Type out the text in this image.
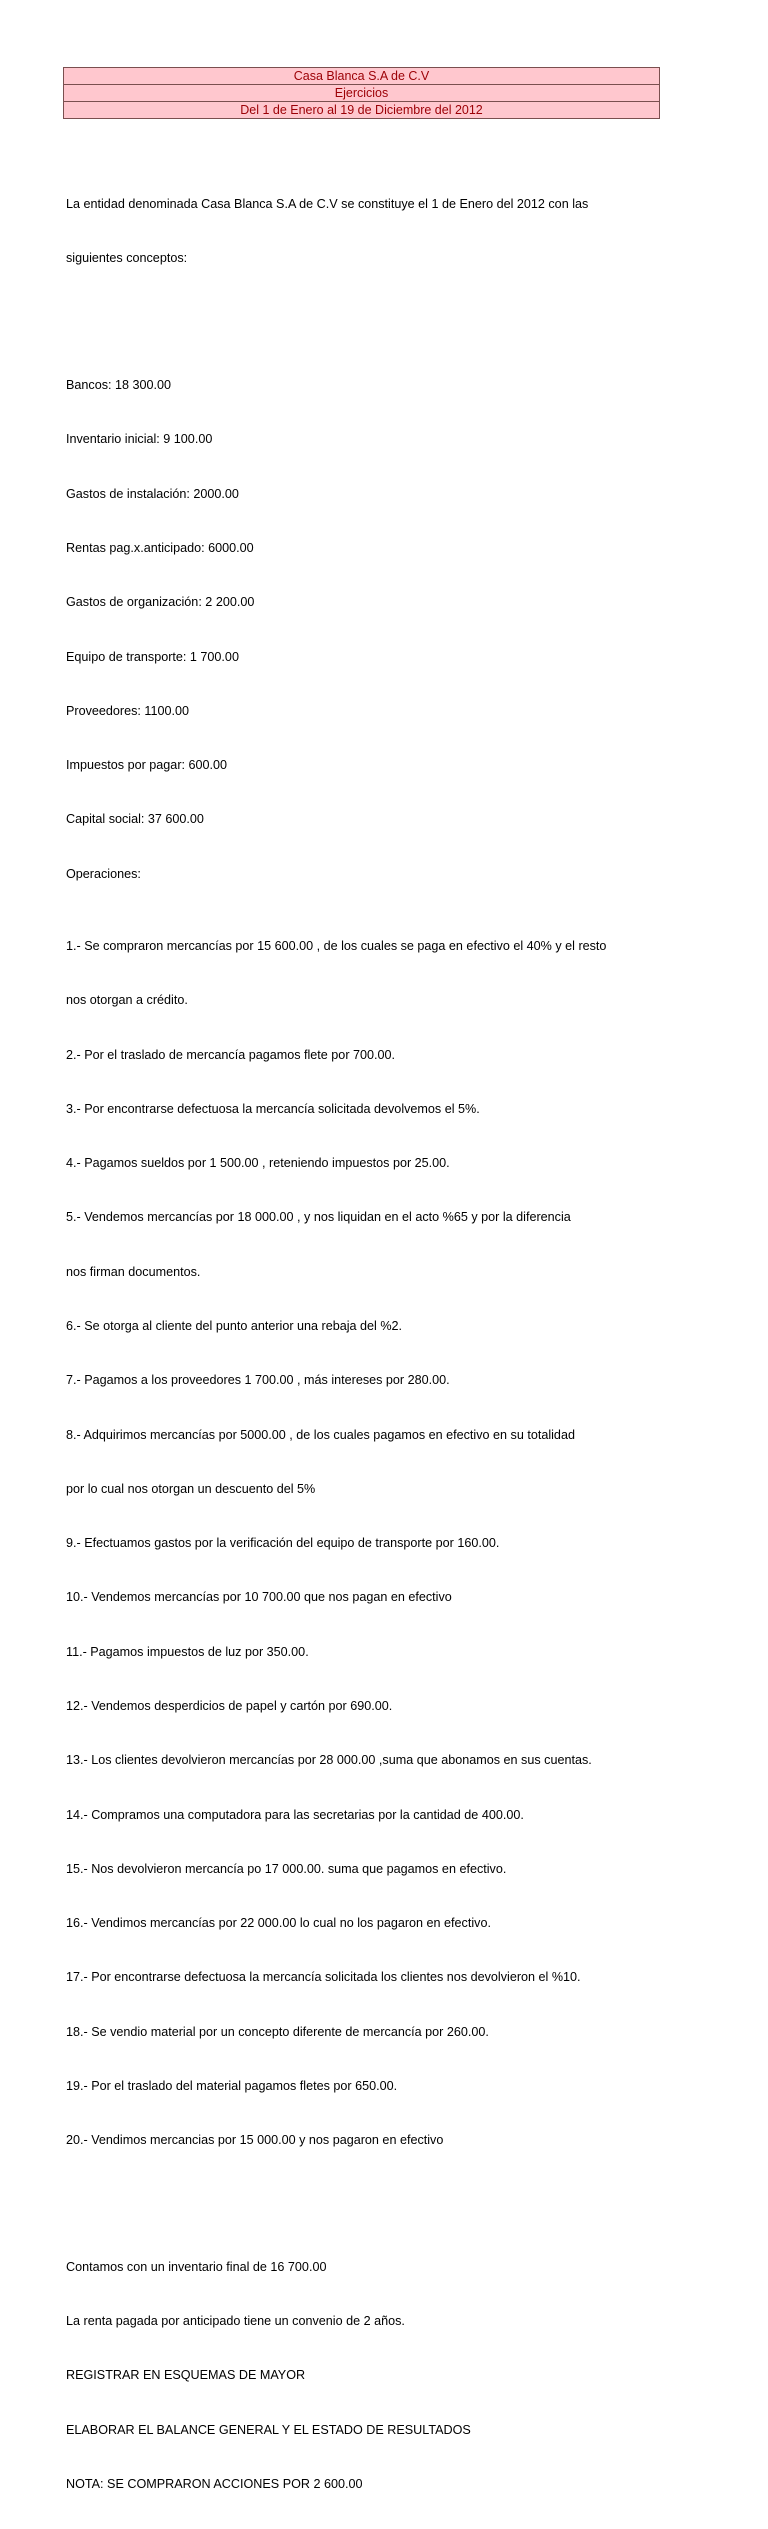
Casa Blanca S.A de C.V
Ejercicios
Del 1 de Enero al 19 de Diciembre del 2012

La entidad denominada Casa Blanca S.A de C.V se constituye el 1 de Enero del 2012 con las

siguientes conceptos:

Bancos: 18 300.00

Inventario inicial: 9 100.00

Gastos de instalación: 2000.00

Rentas pag.x.anticipado: 6000.00

Gastos de organización: 2 200.00

Equipo de transporte: 1 700.00

Proveedores: 1100.00

Impuestos por pagar: 600.00

Capital social: 37 600.00

Operaciones:

1.- Se compraron mercancías por 15 600.00 , de los cuales se paga en efectivo el 40% y el resto

nos otorgan a crédito.

2.- Por el traslado de mercancía pagamos flete por 700.00.

3.- Por encontrarse defectuosa la mercancía solicitada devolvemos el 5%.

4.- Pagamos sueldos por 1 500.00 , reteniendo impuestos por 25.00.

5.- Vendemos mercancías por 18 000.00 , y nos liquidan en el acto %65 y por la diferencia

nos firman documentos.

6.- Se otorga al cliente del punto anterior una rebaja del %2.

7.- Pagamos a los proveedores 1 700.00 , más intereses por 280.00.

8.- Adquirimos mercancías por 5000.00 , de los cuales pagamos en efectivo en su totalidad

por lo cual nos otorgan un descuento del 5%

9.- Efectuamos gastos por la verificación del equipo de transporte por 160.00.

10.- Vendemos mercancías por 10 700.00 que nos pagan en efectivo

11.- Pagamos impuestos de luz por 350.00.

12.- Vendemos desperdicios de papel y cartón por 690.00.

13.- Los clientes devolvieron mercancías por 28 000.00 ,suma que abonamos en sus cuentas.

14.- Compramos una computadora para las secretarias por la cantidad de 400.00.

15.- Nos devolvieron mercancía po 17 000.00. suma que pagamos en efectivo.

16.- Vendimos mercancías por 22 000.00 lo cual no los pagaron en efectivo.

17.- Por encontrarse defectuosa la mercancía solicitada los clientes nos devolvieron el %10.

18.- Se vendio material por un concepto diferente de mercancía por 260.00.

19.- Por el traslado del material pagamos fletes por 650.00.

20.- Vendimos mercancias por 15 000.00 y nos pagaron en efectivo

Contamos con un inventario final de 16 700.00

La renta pagada por anticipado tiene un convenio de 2 años.

REGISTRAR EN ESQUEMAS DE MAYOR

ELABORAR EL BALANCE GENERAL Y EL ESTADO DE RESULTADOS

NOTA: SE COMPRARON ACCIONES POR 2 600.00
